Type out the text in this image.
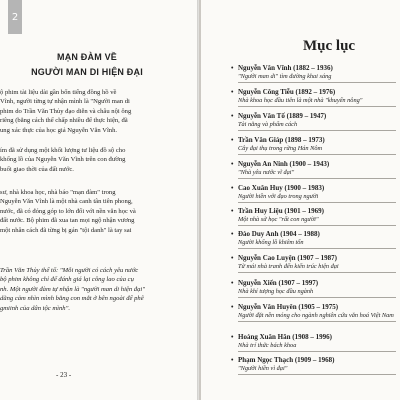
2
MẠN ĐÀM VỀ
NGƯỜI MAN DI HIỆN ĐẠI
ộ phim tài liệu dài gần bốn tiếng đồng hồ về
Vĩnh, người từng tự nhận mình là "Người man di
phim do Trần Văn Thủy đạo diễn và châu nội ông
riêng (bằng cách thể chấp nhiều để thực hiện, đã
ung xác thực của học giả Nguyễn Văn Vĩnh.
ím đã sử dụng một khối lượng tư liệu đồ sộ cho
khổng lồ của Nguyễn Văn Vĩnh trên con đường
buổi giao thời của đất nước.
sư, nhà khoa học, nhà báo "mạn đàm" trong
Nguyễn Văn Vĩnh là một nhà canh tân tiên phong,
nước, đã có đóng góp to lớn đối với nền văn học và
đất nước. Bộ phim đã xua tan mọi ngộ nhận vương
một nhân cách đã từng bị gán "tội danh" là tay sai
Trần Văn Thủy thể tố: "Mỗi người có cách yêu nước
bộ phim không chỉ để đánh giá lại công lao của cụ
nh. Một người đàm tự nhận là "người man di hiện đại"
dũng cảm nhìn mình bằng con mắt ở bên ngoài để phê
gmiinh của dân tộc mình".
- 23 -
Mục lục
• Nguyễn Văn Vĩnh (1882 – 1936)
"Người man di" tìm đường khai sáng
• Nguyễn Công Tiễu (1892 – 1976)
Nhà khoa học đầu tiên là một nhà "khuyến nông"
• Nguyễn Văn Tố (1889 – 1947)
Tài năng và phẩm cách
• Trần Văn Giáp (1898 – 1973)
Cây đại thụ trong rừng Hán Nôm
• Nguyễn An Ninh (1900 – 1943)
"Nhà yêu nước vĩ đại"
• Cao Xuân Huy (1900 – 1983)
Người hiền với đạo trong người
• Trần Huy Liệu (1901 – 1969)
Một nhà sử học "rất con người"
• Đào Duy Anh (1904 – 1988)
Người khổng lồ khiêm tốn
• Nguyễn Cao Luyện (1907 – 1987)
Từ mái nhà tranh đến kiến trúc hiện đại
• Nguyễn Xiển (1907 – 1997)
Nhà khí tượng học đầu ngành
• Nguyễn Văn Huyên (1905 – 1975)
Người đặt nền móng cho ngành nghiên cứu văn hoá Việt Nam
• Hoàng Xuân Hãn (1908 – 1996)
Nhà trí thức bách khoa
• Phạm Ngọc Thạch (1909 – 1968)
"Người hiền vì đại"
